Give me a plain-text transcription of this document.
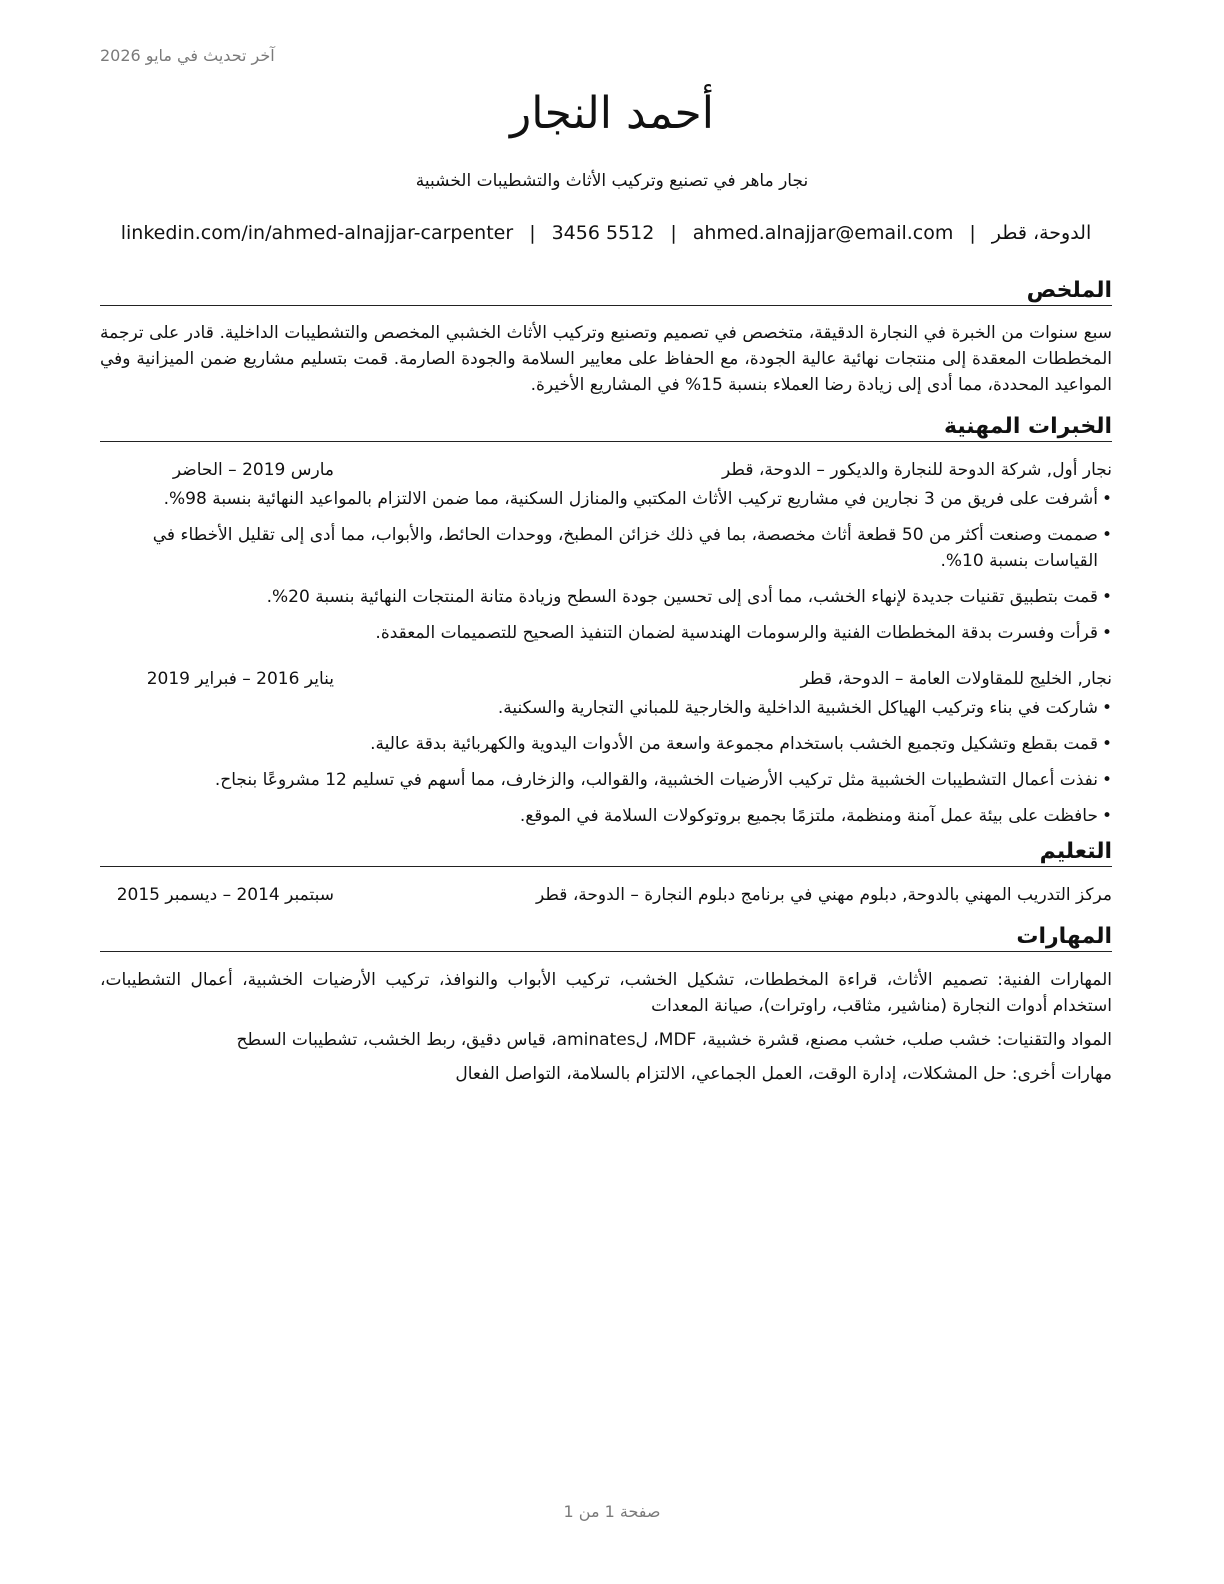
آخر تحديث في مايو 2026
أحمد النجار
نجار ماهر في تصنيع وتركيب الأثاث والتشطيبات الخشبية
linkedin.com/in/ahmed-alnajjar-carpenter | 3456 5512 | ahmed.alnajjar@email.com | الدوحة، قطر
الملخص

سبع سنوات من الخبرة في النجارة الدقيقة، متخصص في تصميم وتصنيع وتركيب الأثاث الخشبي المخصص والتشطيبات الداخلية. قادر على ترجمة المخططات المعقدة إلى منتجات نهائية عالية الجودة، مع الحفاظ على معايير السلامة والجودة الصارمة. قمت بتسليم مشاريع ضمن الميزانية وفي المواعيد المحددة، مما أدى إلى زيادة رضا العملاء بنسبة 15% في المشاريع الأخيرة.

الخبرات المهنية
نجار أول, شركة الدوحة للنجارة والديكور – الدوحة، قطر
مارس 2019 – الحاضر
• أشرفت على فريق من 3 نجارين في مشاريع تركيب الأثاث المكتبي والمنازل السكنية، مما ضمن الالتزام بالمواعيد النهائية بنسبة 98%.
• صممت وصنعت أكثر من 50 قطعة أثاث مخصصة، بما في ذلك خزائن المطبخ، ووحدات الحائط، والأبواب، مما أدى إلى تقليل الأخطاء في القياسات بنسبة 10%.
• قمت بتطبيق تقنيات جديدة لإنهاء الخشب، مما أدى إلى تحسين جودة السطح وزيادة متانة المنتجات النهائية بنسبة 20%.
• قرأت وفسرت بدقة المخططات الفنية والرسومات الهندسية لضمان التنفيذ الصحيح للتصميمات المعقدة.
نجار, الخليج للمقاولات العامة – الدوحة، قطر
يناير 2016 – فبراير 2019
• شاركت في بناء وتركيب الهياكل الخشبية الداخلية والخارجية للمباني التجارية والسكنية.
• قمت بقطع وتشكيل وتجميع الخشب باستخدام مجموعة واسعة من الأدوات اليدوية والكهربائية بدقة عالية.
• نفذت أعمال التشطيبات الخشبية مثل تركيب الأرضيات الخشبية، والقوالب، والزخارف، مما أسهم في تسليم 12 مشروعًا بنجاح.
• حافظت على بيئة عمل آمنة ومنظمة، ملتزمًا بجميع بروتوكولات السلامة في الموقع.
التعليم
مركز التدريب المهني بالدوحة, دبلوم مهني في برنامج دبلوم النجارة – الدوحة، قطر
سبتمبر 2014 – ديسمبر 2015
المهارات
المهارات الفنية: تصميم الأثاث، قراءة المخططات، تشكيل الخشب، تركيب الأبواب والنوافذ، تركيب الأرضيات الخشبية، أعمال التشطيبات، استخدام أدوات النجارة (مناشير، مثاقب، راوترات)، صيانة المعدات
المواد والتقنيات: خشب صلب، خشب مصنع، قشرة خشبية، MDF، لaminates، قياس دقيق، ربط الخشب، تشطيبات السطح
مهارات أخرى: حل المشكلات، إدارة الوقت، العمل الجماعي، الالتزام بالسلامة، التواصل الفعال
صفحة 1 من 1
